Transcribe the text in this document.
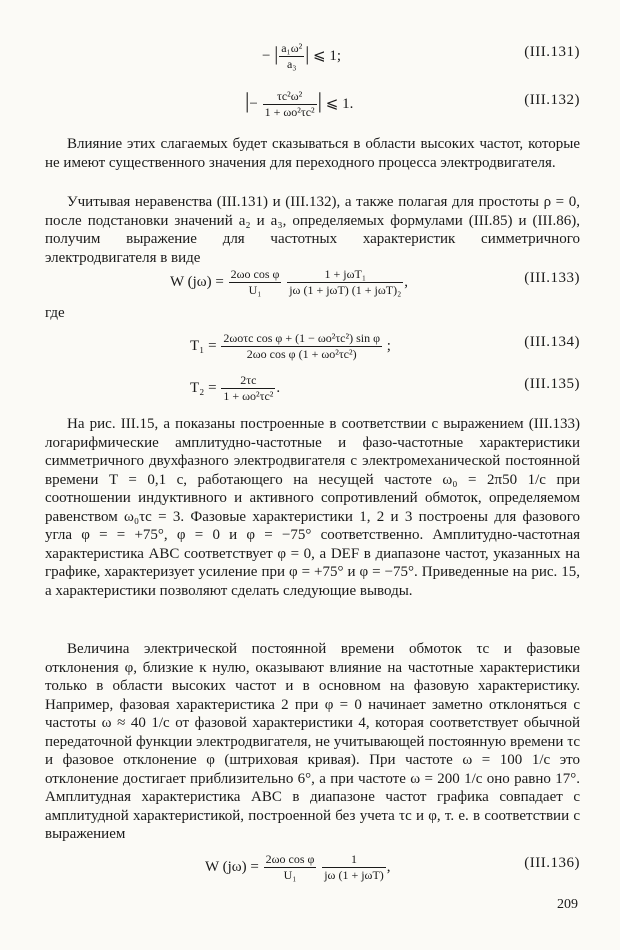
− | $\frac{\text{a₁ω²}}{\text{a₃}}$ | ⩽ 1;	(III.131)
|− $\frac{\text{τc²ω²}}{\text{1 + ωo²τc²}}$ | ⩽ 1.	(III.132)

Влияние этих слагаемых будет сказываться в области высоких частот, которые не имеют существенного значения для переходного процесса электродвигателя.

Учитывая неравенства (III.131) и (III.132), а также полагая для простоты ρ = 0, после подстановки значений a₂ и a₃, определяемых формулами (III.85) и (III.86), получим выражение для частотных характеристик симметричного электродвигателя в виде

W $(j\omega) = \frac{\text{2ωo cos φ}}{\text{U₁}}$
	1 + jωT₁
jω (1 + jωT) (1 + jωT)₂
,	(III.133)

где

T₁ = 2ωoτc cos φ + (1 − ωo²τc²) sin φ
2ωo cos φ (1 + ωo²τc²)
;	(III.134)
$T_2 = \frac{2\tau c}{\text{1 + ωo²τc²}}$ .	(III.135)

На рис. III.15, а показаны построенные в соответствии с выражением (III.133) логарифмические амплитудно-частотные и фазо-частотные характеристики симметричного двухфазного электродвигателя с электромеханической постоянной времени T = 0,1 с, работающего на несущей частоте ω₀ = 2π50 1/с при соотношении индуктивного и активного сопротивлений обмоток, определяемом равенством ω₀τc = 3. Фазовые характеристики 1, 2 и 3 построены для фазового угла φ = = +75°, φ = 0 и φ = −75° соответственно. Амплитудно-частотная характеристика ABC соответствует φ = 0, а DEF в диапазоне частот, указанных на графике, характеризует усиление при φ = +75° и φ = −75°. Приведенные на рис. 15, а характеристики позволяют сделать следующие выводы.

Величина электрической постоянной времени обмоток τc и фазовые отклонения φ, близкие к нулю, оказывают влияние на частотные характеристики только в области высоких частот и в основном на фазовую характеристику. Например, фазовая характеристика 2 при φ = 0 начинает заметно отклоняться с частоты ω ≈ 40 1/с от фазовой характеристики 4, которая соответствует обычной передаточной функции электродвигателя, не учитывающей постоянную времени τc и фазовое отклонение φ (штриховая кривая). При частоте ω = 100 1/с это отклонение достигает приблизительно 6°, а при частоте ω = 200 1/с оно равно 17°. Амплитудная характеристика ABC в диапазоне частот графика совпадает с амплитудной характеристикой, построенной без учета τc и φ, т. е. в соответствии с выражением

W $(j\omega) = \frac{\text{2ωo cos φ}}{\text{U₁}}$
	1
jω (1 + jωT)
,	(III.136)
209
